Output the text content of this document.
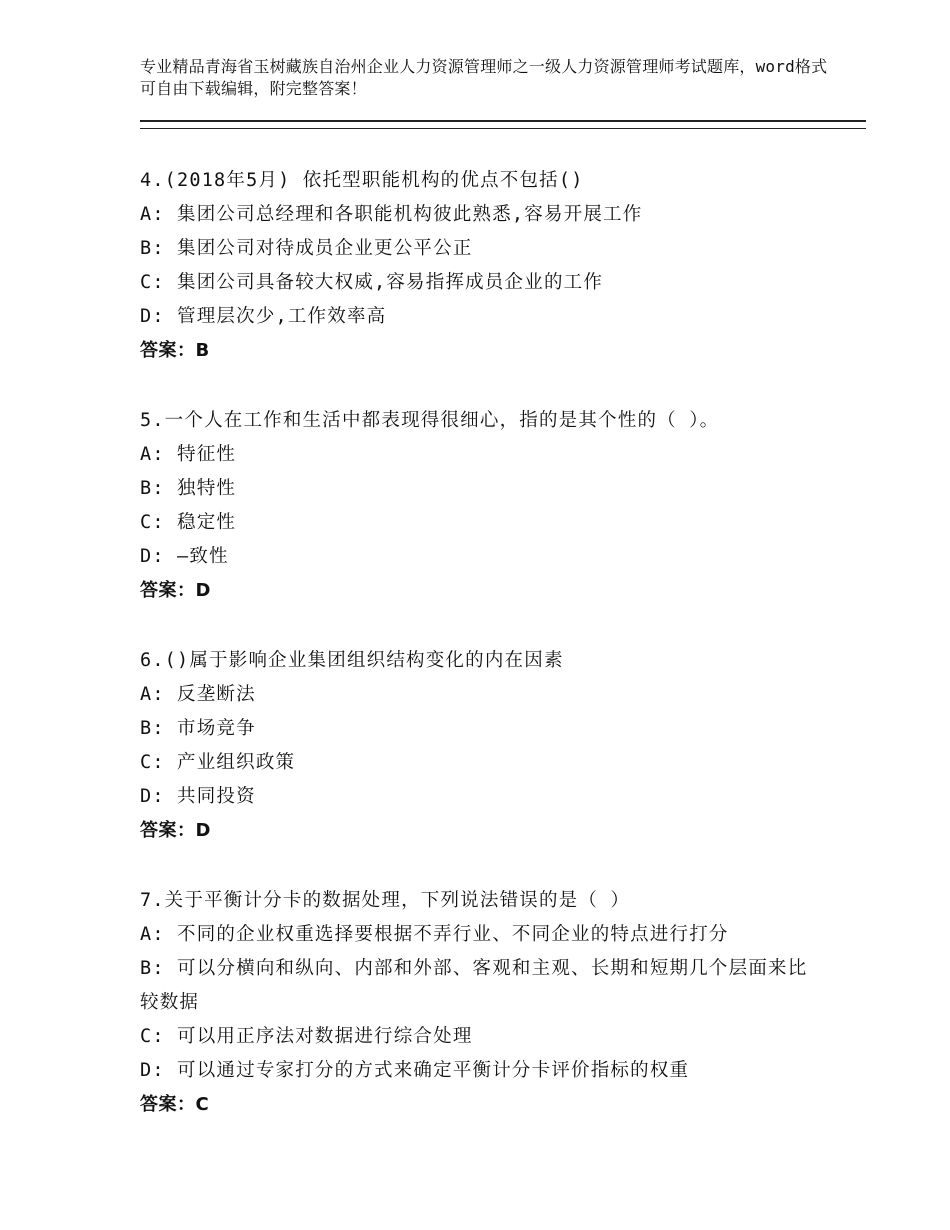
专业精品青海省玉树藏族自治州企业人力资源管理师之一级人力资源管理师考试题库，word格式可自由下载编辑，附完整答案！
4.(2018年5月) 依托型职能机构的优点不包括()
A: 集团公司总经理和各职能机构彼此熟悉,容易开展工作
B: 集团公司对待成员企业更公平公正
C: 集团公司具备较大权威,容易指挥成员企业的工作
D: 管理层次少,工作效率高
答案：B
5.一个人在工作和生活中都表现得很细心，指的是其个性的（ ）。
A: 特征性
B: 独特性
C: 稳定性
D: —致性
答案：D
6.()属于影响企业集团组织结构变化的内在因素
A: 反垄断法
B: 市场竞争
C: 产业组织政策
D: 共同投资
答案：D
7.关于平衡计分卡的数据处理，下列说法错误的是（ ）
A: 不同的企业权重选择要根据不弄行业、不同企业的特点进行打分
B: 可以分横向和纵向、内部和外部、客观和主观、长期和短期几个层面来比较数据
C: 可以用正序法对数据进行综合处理
D: 可以通过专家打分的方式来确定平衡计分卡评价指标的权重
答案：C
